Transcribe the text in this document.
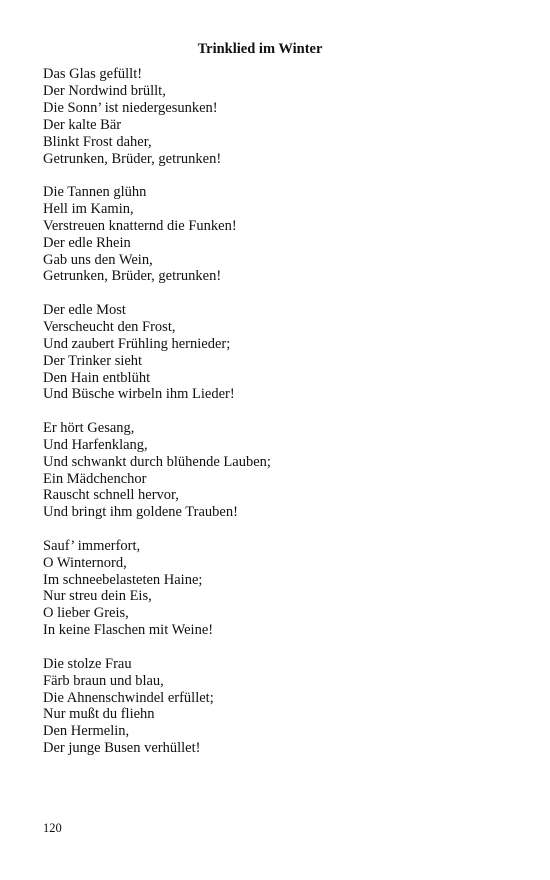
Trinklied im Winter
Das Glas gefüllt!
Der Nordwind brüllt,
Die Sonn’ ist niedergesunken!
Der kalte Bär
Blinkt Frost daher,
Getrunken, Brüder, getrunken!
Die Tannen glühn
Hell im Kamin,
Verstreuen knatternd die Funken!
Der edle Rhein
Gab uns den Wein,
Getrunken, Brüder, getrunken!
Der edle Most
Verscheucht den Frost,
Und zaubert Frühling hernieder;
Der Trinker sieht
Den Hain entblüht
Und Büsche wirbeln ihm Lieder!
Er hört Gesang,
Und Harfenklang,
Und schwankt durch blühende Lauben;
Ein Mädchenchor
Rauscht schnell hervor,
Und bringt ihm goldene Trauben!
Sauf’ immerfort,
O Winternord,
Im schneebelasteten Haine;
Nur streu dein Eis,
O lieber Greis,
In keine Flaschen mit Weine!
Die stolze Frau
Färb braun und blau,
Die Ahnenschwindel erfüllet;
Nur mußt du fliehn
Den Hermelin,
Der junge Busen verhüllet!
120
